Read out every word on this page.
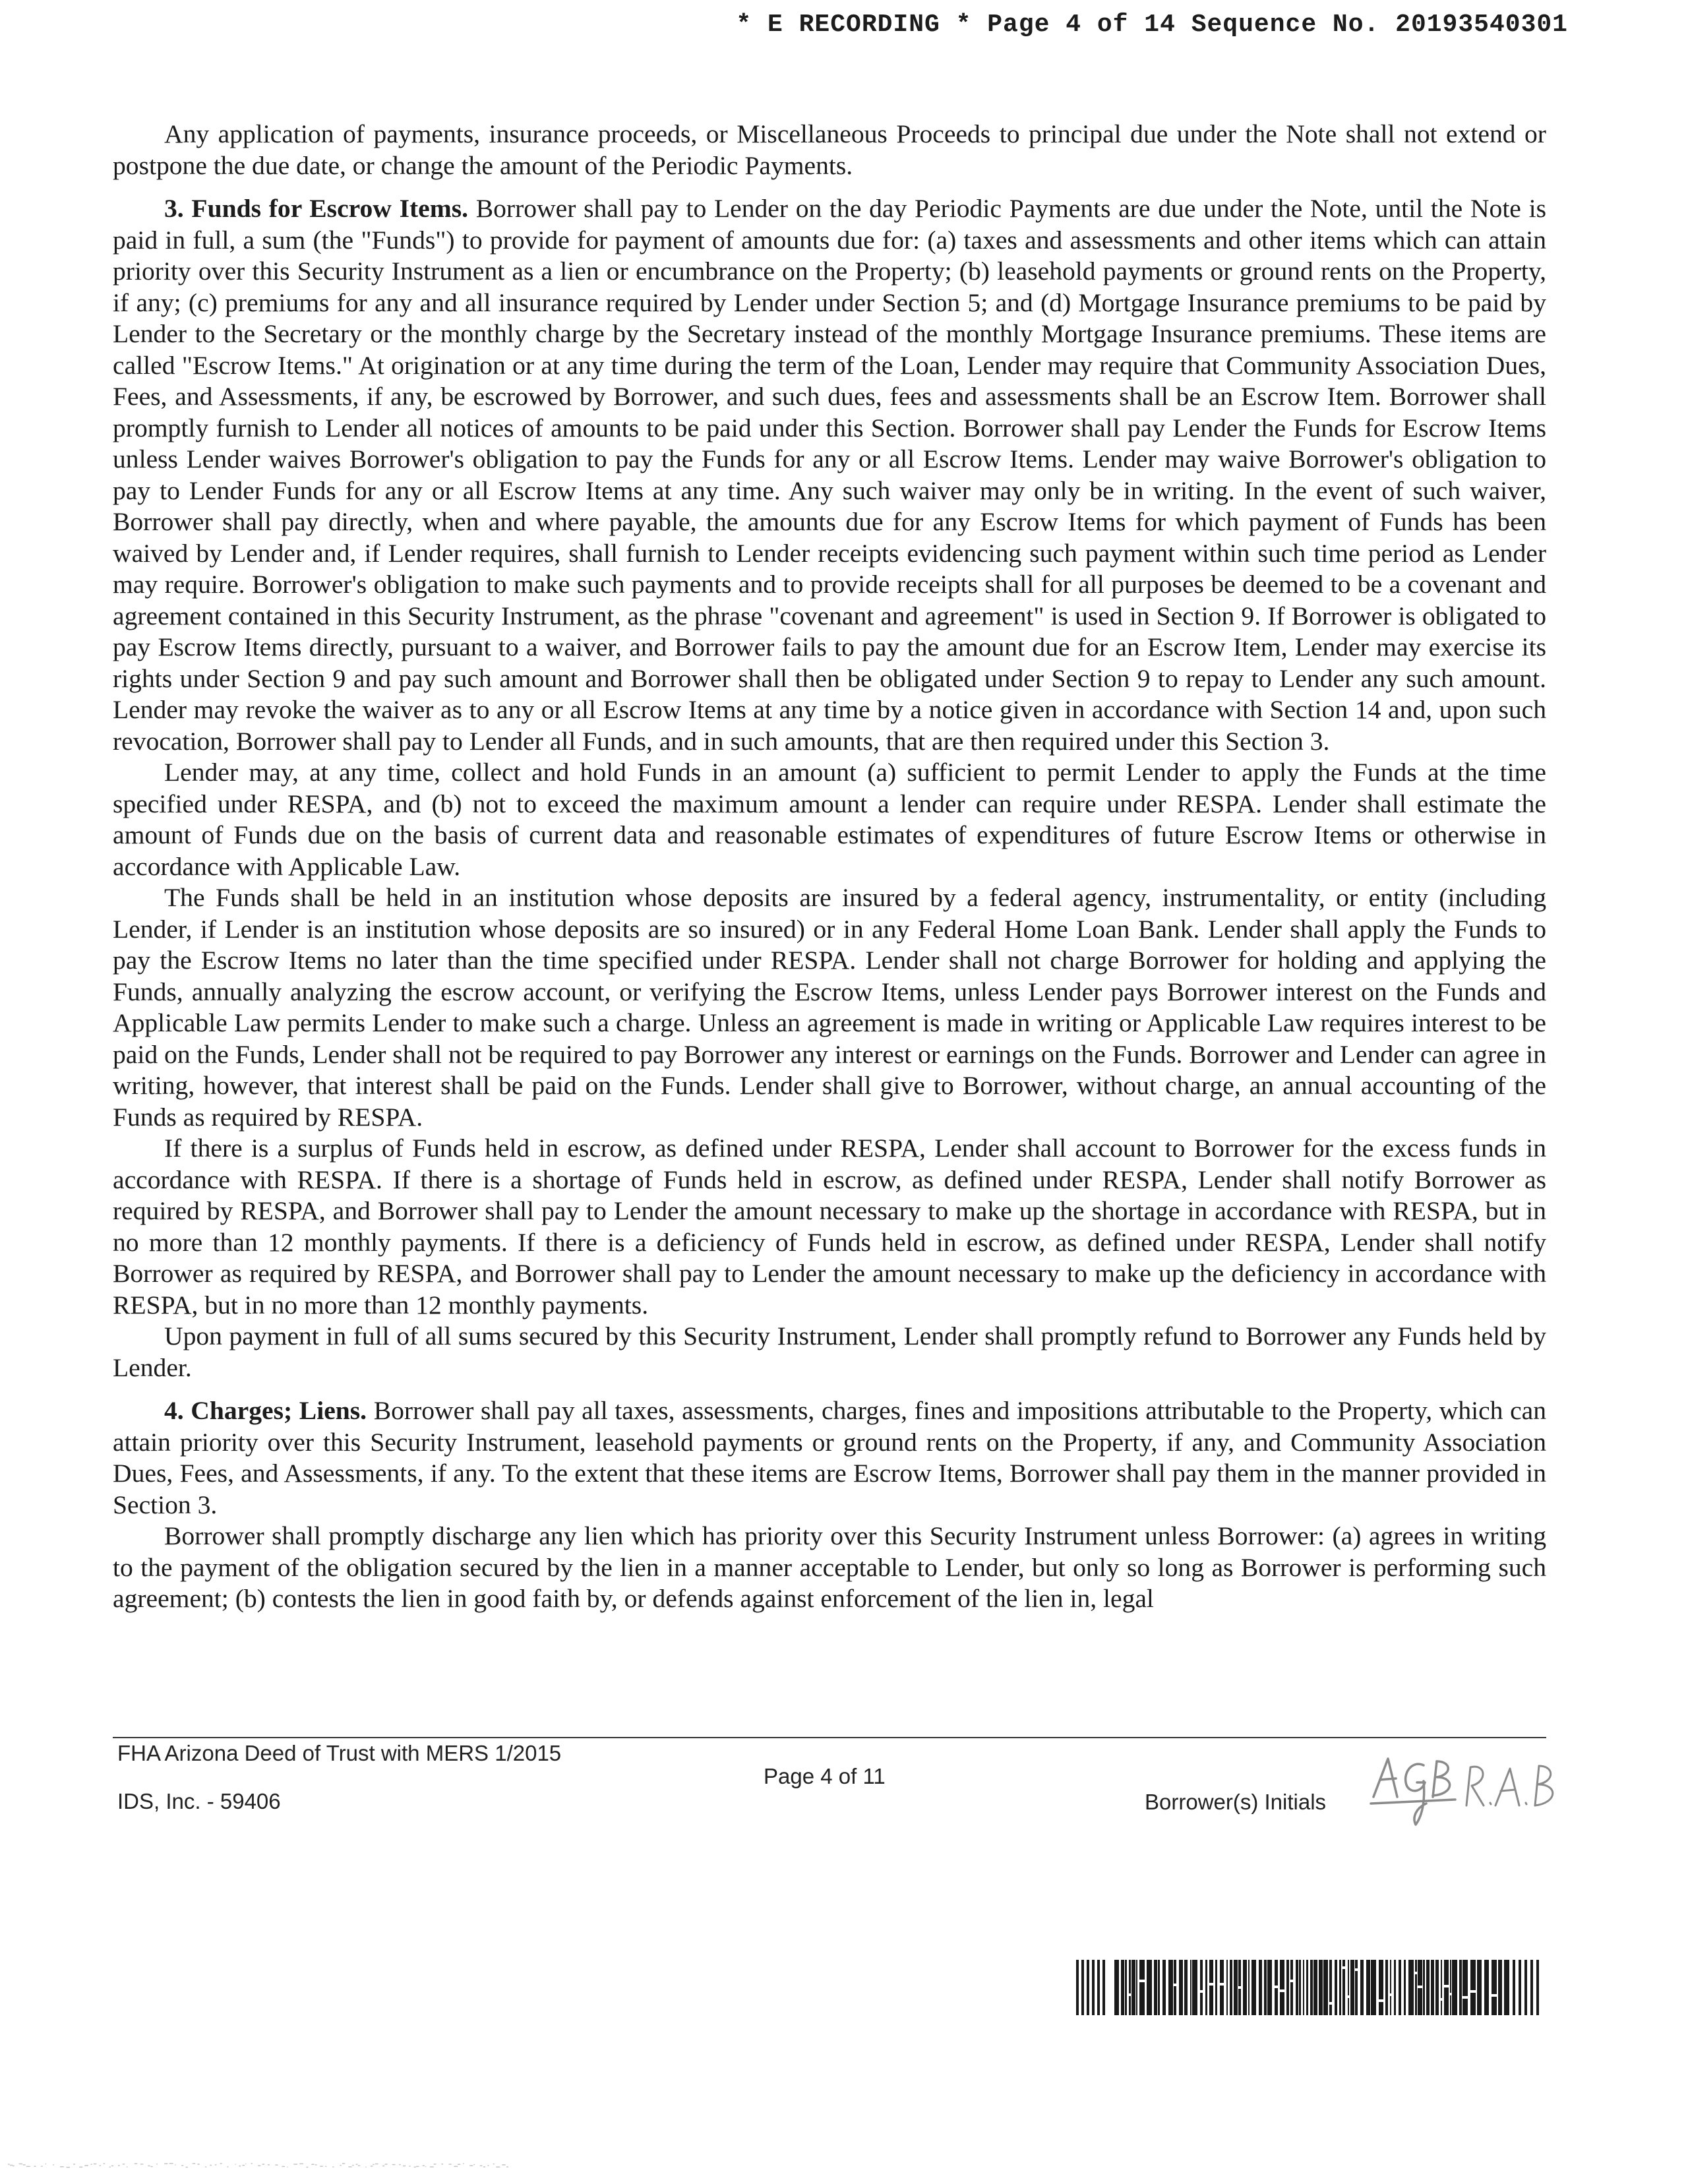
* E RECORDING * Page 4 of 14 Sequence No. 20193540301

Any application of payments, insurance proceeds, or Miscellaneous Proceeds to principal due under the Note shall not extend or postpone the due date, or change the amount of the Periodic Payments.

3. Funds for Escrow Items. Borrower shall pay to Lender on the day Periodic Payments are due under the Note, until the Note is paid in full, a sum (the "Funds") to provide for payment of amounts due for: (a) taxes and assessments and other items which can attain priority over this Security Instrument as a lien or encumbrance on the Property; (b) leasehold payments or ground rents on the Property, if any; (c) premiums for any and all insurance required by Lender under Section 5; and (d) Mortgage Insurance premiums to be paid by Lender to the Secretary or the monthly charge by the Secretary instead of the monthly Mortgage Insurance premiums. These items are called "Escrow Items." At origination or at any time during the term of the Loan, Lender may require that Community Association Dues, Fees, and Assessments, if any, be escrowed by Borrower, and such dues, fees and assessments shall be an Escrow Item. Borrower shall promptly furnish to Lender all notices of amounts to be paid under this Section. Borrower shall pay Lender the Funds for Escrow Items unless Lender waives Borrower's obligation to pay the Funds for any or all Escrow Items. Lender may waive Borrower's obligation to pay to Lender Funds for any or all Escrow Items at any time. Any such waiver may only be in writing. In the event of such waiver, Borrower shall pay directly, when and where payable, the amounts due for any Escrow Items for which payment of Funds has been waived by Lender and, if Lender requires, shall furnish to Lender receipts evidencing such payment within such time period as Lender may require. Borrower's obligation to make such payments and to provide receipts shall for all purposes be deemed to be a covenant and agreement contained in this Security Instrument, as the phrase "covenant and agreement" is used in Section 9. If Borrower is obligated to pay Escrow Items directly, pursuant to a waiver, and Borrower fails to pay the amount due for an Escrow Item, Lender may exercise its rights under Section 9 and pay such amount and Borrower shall then be obligated under Section 9 to repay to Lender any such amount. Lender may revoke the waiver as to any or all Escrow Items at any time by a notice given in accordance with Section 14 and, upon such revocation, Borrower shall pay to Lender all Funds, and in such amounts, that are then required under this Section 3.

Lender may, at any time, collect and hold Funds in an amount (a) sufficient to permit Lender to apply the Funds at the time specified under RESPA, and (b) not to exceed the maximum amount a lender can require under RESPA. Lender shall estimate the amount of Funds due on the basis of current data and reasonable estimates of expenditures of future Escrow Items or otherwise in accordance with Applicable Law.

The Funds shall be held in an institution whose deposits are insured by a federal agency, instrumentality, or entity (including Lender, if Lender is an institution whose deposits are so insured) or in any Federal Home Loan Bank. Lender shall apply the Funds to pay the Escrow Items no later than the time specified under RESPA. Lender shall not charge Borrower for holding and applying the Funds, annually analyzing the escrow account, or verifying the Escrow Items, unless Lender pays Borrower interest on the Funds and Applicable Law permits Lender to make such a charge. Unless an agreement is made in writing or Applicable Law requires interest to be paid on the Funds, Lender shall not be required to pay Borrower any interest or earnings on the Funds. Borrower and Lender can agree in writing, however, that interest shall be paid on the Funds. Lender shall give to Borrower, without charge, an annual accounting of the Funds as required by RESPA.

If there is a surplus of Funds held in escrow, as defined under RESPA, Lender shall account to Borrower for the excess funds in accordance with RESPA. If there is a shortage of Funds held in escrow, as defined under RESPA, Lender shall notify Borrower as required by RESPA, and Borrower shall pay to Lender the amount necessary to make up the shortage in accordance with RESPA, but in no more than 12 monthly payments. If there is a deficiency of Funds held in escrow, as defined under RESPA, Lender shall notify Borrower as required by RESPA, and Borrower shall pay to Lender the amount necessary to make up the deficiency in accordance with RESPA, but in no more than 12 monthly payments.

Upon payment in full of all sums secured by this Security Instrument, Lender shall promptly refund to Borrower any Funds held by Lender.

4. Charges; Liens. Borrower shall pay all taxes, assessments, charges, fines and impositions attributable to the Property, which can attain priority over this Security Instrument, leasehold payments or ground rents on the Property, if any, and Community Association Dues, Fees, and Assessments, if any. To the extent that these items are Escrow Items, Borrower shall pay them in the manner provided in Section 3.

Borrower shall promptly discharge any lien which has priority over this Security Instrument unless Borrower: (a) agrees in writing to the payment of the obligation secured by the lien in a manner acceptable to Lender, but only so long as Borrower is performing such agreement; (b) contests the lien in good faith by, or defends against enforcement of the lien in, legal

FHA Arizona Deed of Trust with MERS 1/2015
IDS, Inc. - 59406
Page 4 of 11
Borrower(s) Initials
